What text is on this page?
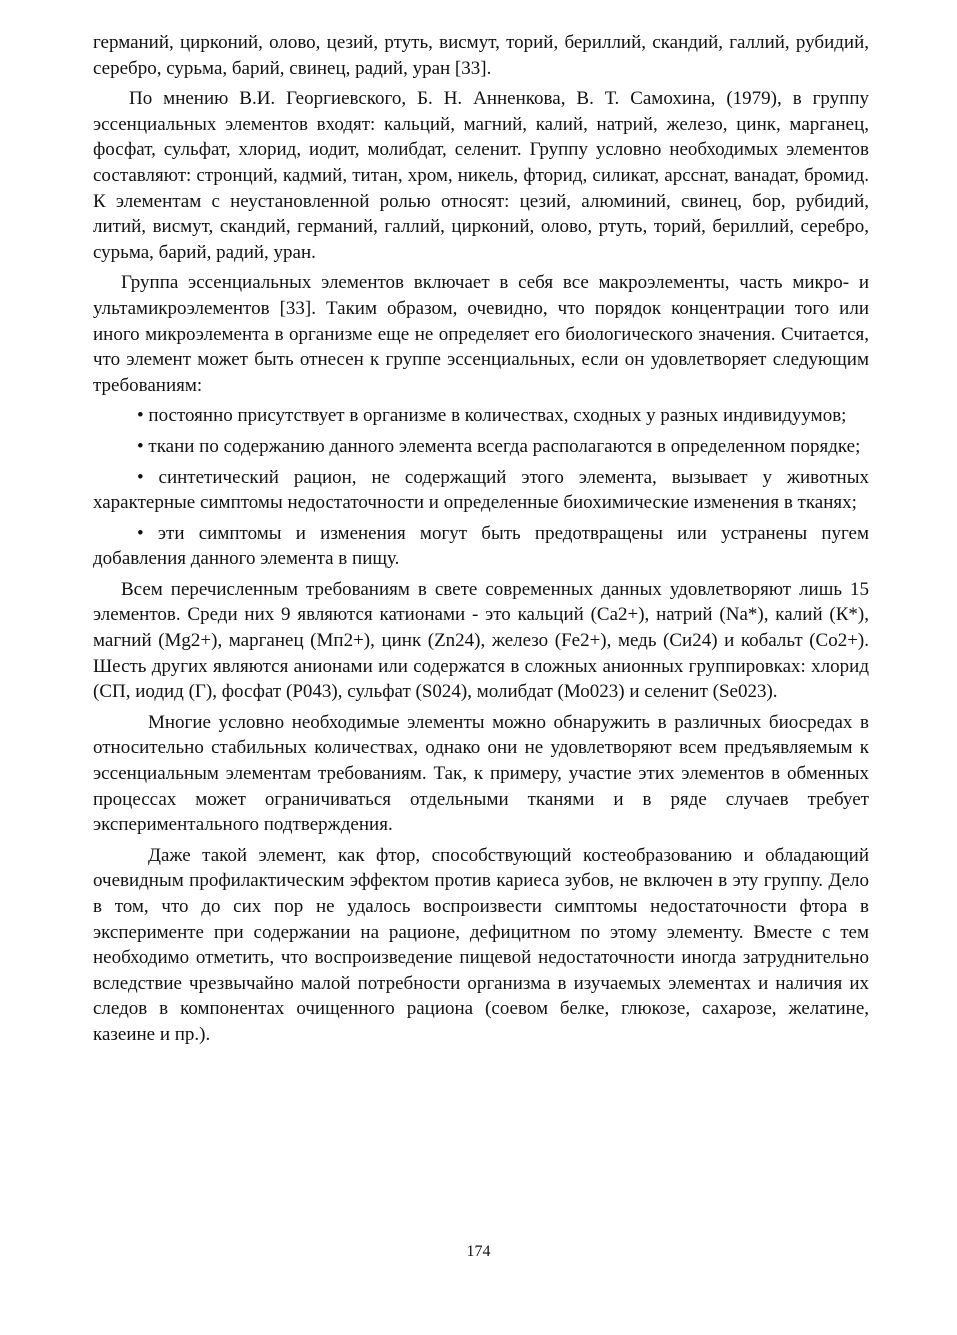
германий, цирконий, олово, цезий, ртуть, висмут, торий, бериллий, скандий, галлий, рубидий, серебро, сурьма, барий, свинец, радий, уран [33].

По мнению В.И. Георгиевского, Б. Н. Анненкова, В. Т. Самохина, (1979), в группу эссенциальных элементов входят: кальций, магний, калий, натрий, железо, цинк, марганец, фосфат, сульфат, хлорид, иодит, молибдат, селенит. Группу условно необходимых элементов составляют: стронций, кадмий, титан, хром, никель, фторид, силикат, арсснат, ванадат, бромид. К элементам с неустановленной ролью относят: цезий, алюминий, свинец, бор, рубидий, литий, висмут, скандий, германий, галлий, цирконий, олово, ртуть, торий, бериллий, серебро, сурьма, барий, радий, уран.

Группа эссенциальных элементов включает в себя все макроэлементы, часть микро- и ультамикроэлементов [33]. Таким образом, очевидно, что порядок концентрации того или иного микроэлемента в организме еще не определяет его биологического значения. Считается, что элемент может быть отнесен к группе эссенциальных, если он удовлетворяет следующим требованиям:

• постоянно присутствует в организме в количествах, сходных у разных индивидуумов;

• ткани по содержанию данного элемента всегда располагаются в определенном порядке;

• синтетический рацион, не содержащий этого элемента, вызывает у животных характерные симптомы недостаточности и определенные биохимические изменения в тканях;

• эти симптомы и изменения могут быть предотвращены или устранены пугем добавления данного элемента в пищу.

Всем перечисленным требованиям в свете современных данных удовлетворяют лишь 15 элементов. Среди них 9 являются катионами - это кальций (Са2+), натрий (Na*), калий (К*), магний (Mg2+), марганец (Мп2+), цинк (Zn24), железо (Fe2+), медь (Си24) и кобальт (Со2+). Шесть других являются анионами или содержатся в сложных анионных группировках: хлорид (СП, иодид (Г), фосфат (Р043), сульфат (S024), молибдат (Мо023) и селенит (Se023).

Многие условно необходимые элементы можно обнаружить в различных биосредах в относительно стабильных количествах, однако они не удовлетворяют всем предъявляемым к эссенциальным элементам требованиям. Так, к примеру, участие этих элементов в обменных процессах может ограничиваться отдельными тканями и в ряде случаев требует экспериментального подтверждения.

Даже такой элемент, как фтор, способствующий костеобразованию и обладающий очевидным профилактическим эффектом против кариеса зубов, не включен в эту группу. Дело в том, что до сих пор не удалось воспроизвести симптомы недостаточности фтора в эксперименте при содержании на рационе, дефицитном по этому элементу. Вместе с тем необходимо отметить, что воспроизведение пищевой недостаточности иногда затруднительно вследствие чрезвычайно малой потребности организма в изучаемых элементах и наличия их следов в компонентах очищенного рациона (соевом белке, глюкозе, сахарозе, желатине, казеине и пр.).

174
